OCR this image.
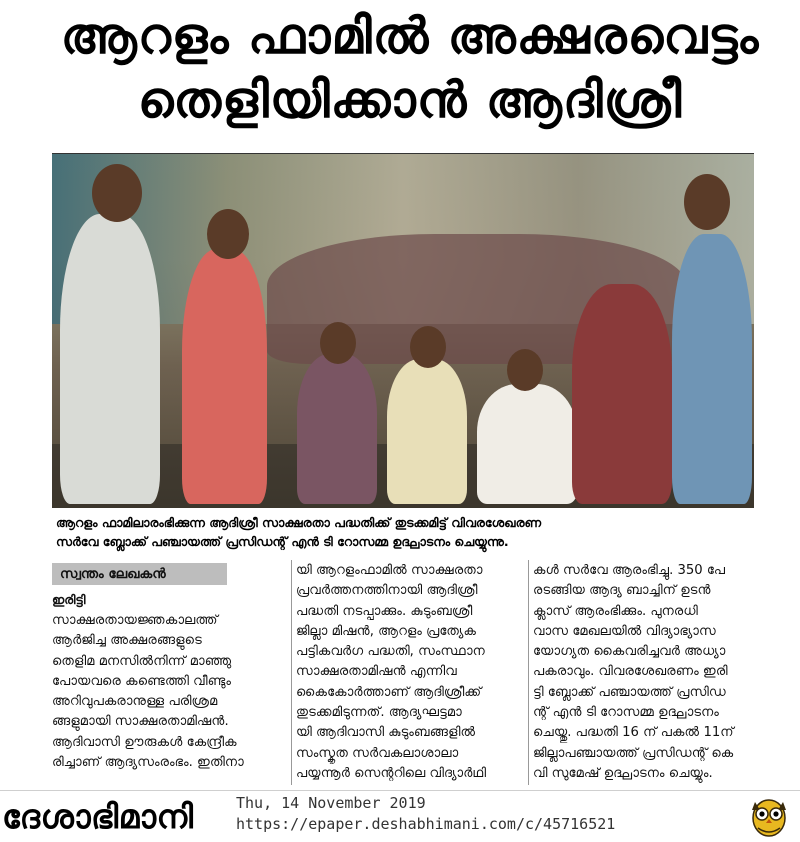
ആറളം ഫാമിൽ അക്ഷരവെട്ടം
തെളിയിക്കാൻ ആദിശ്രീ
ആറളം ഫാമിലാരംഭിക്കുന്ന ആദിശ്രീ സാക്ഷരതാ പദ്ധതിക്ക് തുടക്കമിട്ട് വിവരശേഖരണ
സർവേ ബ്ലോക്ക് പഞ്ചായത്ത് പ്രസിഡന്റ് എൻ ടി റോസമ്മ ഉദ്ഘാടനം ചെയ്യുന്നു.
സ്വന്തം ലേഖകൻ
ഇരിട്ടി
സാക്ഷരതായജ്ഞകാലത്ത്
ആർജിച്ച അക്ഷരങ്ങളുടെ
തെളിമ മനസിൽനിന്ന് മാഞ്ഞു
പോയവരെ കണ്ടെത്തി വീണ്ടും
അറിവുപകരാനുള്ള പരിശ്രമ
ങ്ങളുമായി സാക്ഷരതാമിഷൻ.
ആദിവാസി ഊരുകൾ കേന്ദ്രീക
രിച്ചാണ് ആദ്യസംരംഭം. ഇതിനാ
യി ആറളംഫാമിൽ സാക്ഷരതാ
പ്രവർത്തനത്തിനായി ആദിശ്രീ
പദ്ധതി നടപ്പാക്കും. കുടുംബശ്രീ
ജില്ലാ മിഷൻ, ആറളം പ്രത്യേക
പട്ടികവർഗ പദ്ധതി, സംസ്ഥാന
സാക്ഷരതാമിഷൻ എന്നിവ
കൈകോർത്താണ് ആദിശ്രീക്ക്
തുടക്കമിടുന്നത്. ആദ്യഘട്ടമാ
യി ആദിവാസി കുടുംബങ്ങളിൽ
സംസ്കൃത സർവകലാശാലാ
പയ്യന്നൂർ സെന്ററിലെ വിദ്യാർഥി
കൾ സർവേ ആരംഭിച്ചു. 350 പേ
രടങ്ങിയ ആദ്യ ബാച്ചിന് ഉടൻ
ക്ലാസ് ആരംഭിക്കും. പുനരധി
വാസ മേഖലയിൽ വിദ്യാഭ്യാസ
യോഗ്യത കൈവരിച്ചവർ അധ്യാ
പകരാവും. വിവരശേഖരണം ഇരി
ട്ടി ബ്ലോക്ക് പഞ്ചായത്ത് പ്രസിഡ
ന്റ് എൻ ടി റോസമ്മ ഉദ്ഘാടനം
ചെയ്തു. പദ്ധതി 16 ന് പകൽ 11ന്
ജില്ലാപഞ്ചായത്ത് പ്രസിഡന്റ് കെ
വി സുമേഷ് ഉദ്ഘാടനം ചെയ്യും.
ദേശാഭിമാനി	Thu, 14 November 2019
https://epaper.deshabhimani.com/c/45716521
